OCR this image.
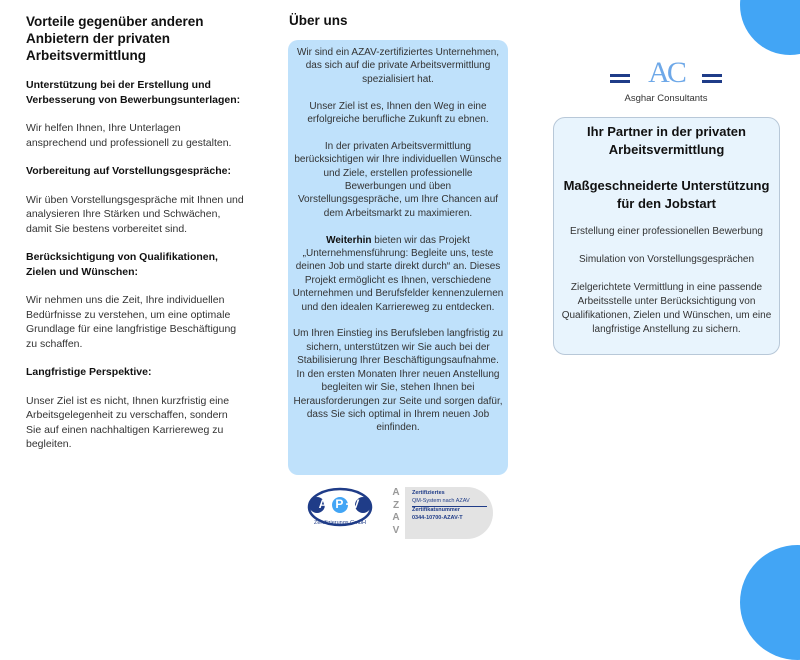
Vorteile gegenüber anderen Anbietern der privaten Arbeitsvermittlung
Unterstützung bei der Erstellung und Verbesserung von Bewerbungsunterlagen:

Wir helfen Ihnen, Ihre Unterlagen ansprechend und professionell zu gestalten.

Vorbereitung auf Vorstellungsgespräche:

Wir üben Vorstellungsgespräche mit Ihnen und analysieren Ihre Stärken und Schwächen, damit Sie bestens vorbereitet sind.

Berücksichtigung von Qualifikationen, Zielen und Wünschen:

Wir nehmen uns die Zeit, Ihre individuellen Bedürfnisse zu verstehen, um eine optimale Grundlage für eine langfristige Beschäftigung zu schaffen.

Langfristige Perspektive:

Unser Ziel ist es nicht, Ihnen kurzfristig eine Arbeitsgelegenheit zu verschaffen, sondern Sie auf einen nachhaltigen Karriereweg zu begleiten.

Über uns

Wir sind ein AZAV-zertifiziertes Unternehmen, das sich auf die private Arbeitsvermittlung spezialisiert hat.

Unser Ziel ist es, Ihnen den Weg in eine erfolgreiche berufliche Zukunft zu ebnen.

In der privaten Arbeitsvermittlung berücksichtigen wir Ihre individuellen Wünsche und Ziele, erstellen professionelle Bewerbungen und üben Vorstellungsgespräche, um Ihre Chancen auf dem Arbeitsmarkt zu maximieren.

Weiterhin bieten wir das Projekt „Unternehmensführung: Begleite uns, teste deinen Job und starte direkt durch“ an. Dieses Projekt ermöglicht es Ihnen, verschiedene Unternehmen und Berufsfelder kennenzulernen und den idealen Karriereweg zu entdecken.

Um Ihren Einstieg ins Berufsleben langfristig zu sichern, unterstützen wir Sie auch bei der Stabilisierung Ihrer Beschäftigungsaufnahme. In den ersten Monaten Ihrer neuen Anstellung begleiten wir Sie, stehen Ihnen bei Herausforderungen zur Seite und sorgen dafür, dass Sie sich optimal in Ihrem neuen Job einfinden.

A·P·V
Zertifizierungs GmbH
A
Z
A
V
Zertifiziertes
QM-System nach AZAV
Zertifikatsnummer
0344-10700-AZAV-T
AC
Asghar Consultants
Ihr Partner in der privaten Arbeitsvermittlung
Maßgeschneiderte Unterstützung für den Jobstart

Erstellung einer professionellen Bewerbung

Simulation von Vorstellungsgesprächen

Zielgerichtete Vermittlung in eine passende Arbeitsstelle unter Berücksichtigung von Qualifikationen, Zielen und Wünschen, um eine langfristige Anstellung zu sichern.
